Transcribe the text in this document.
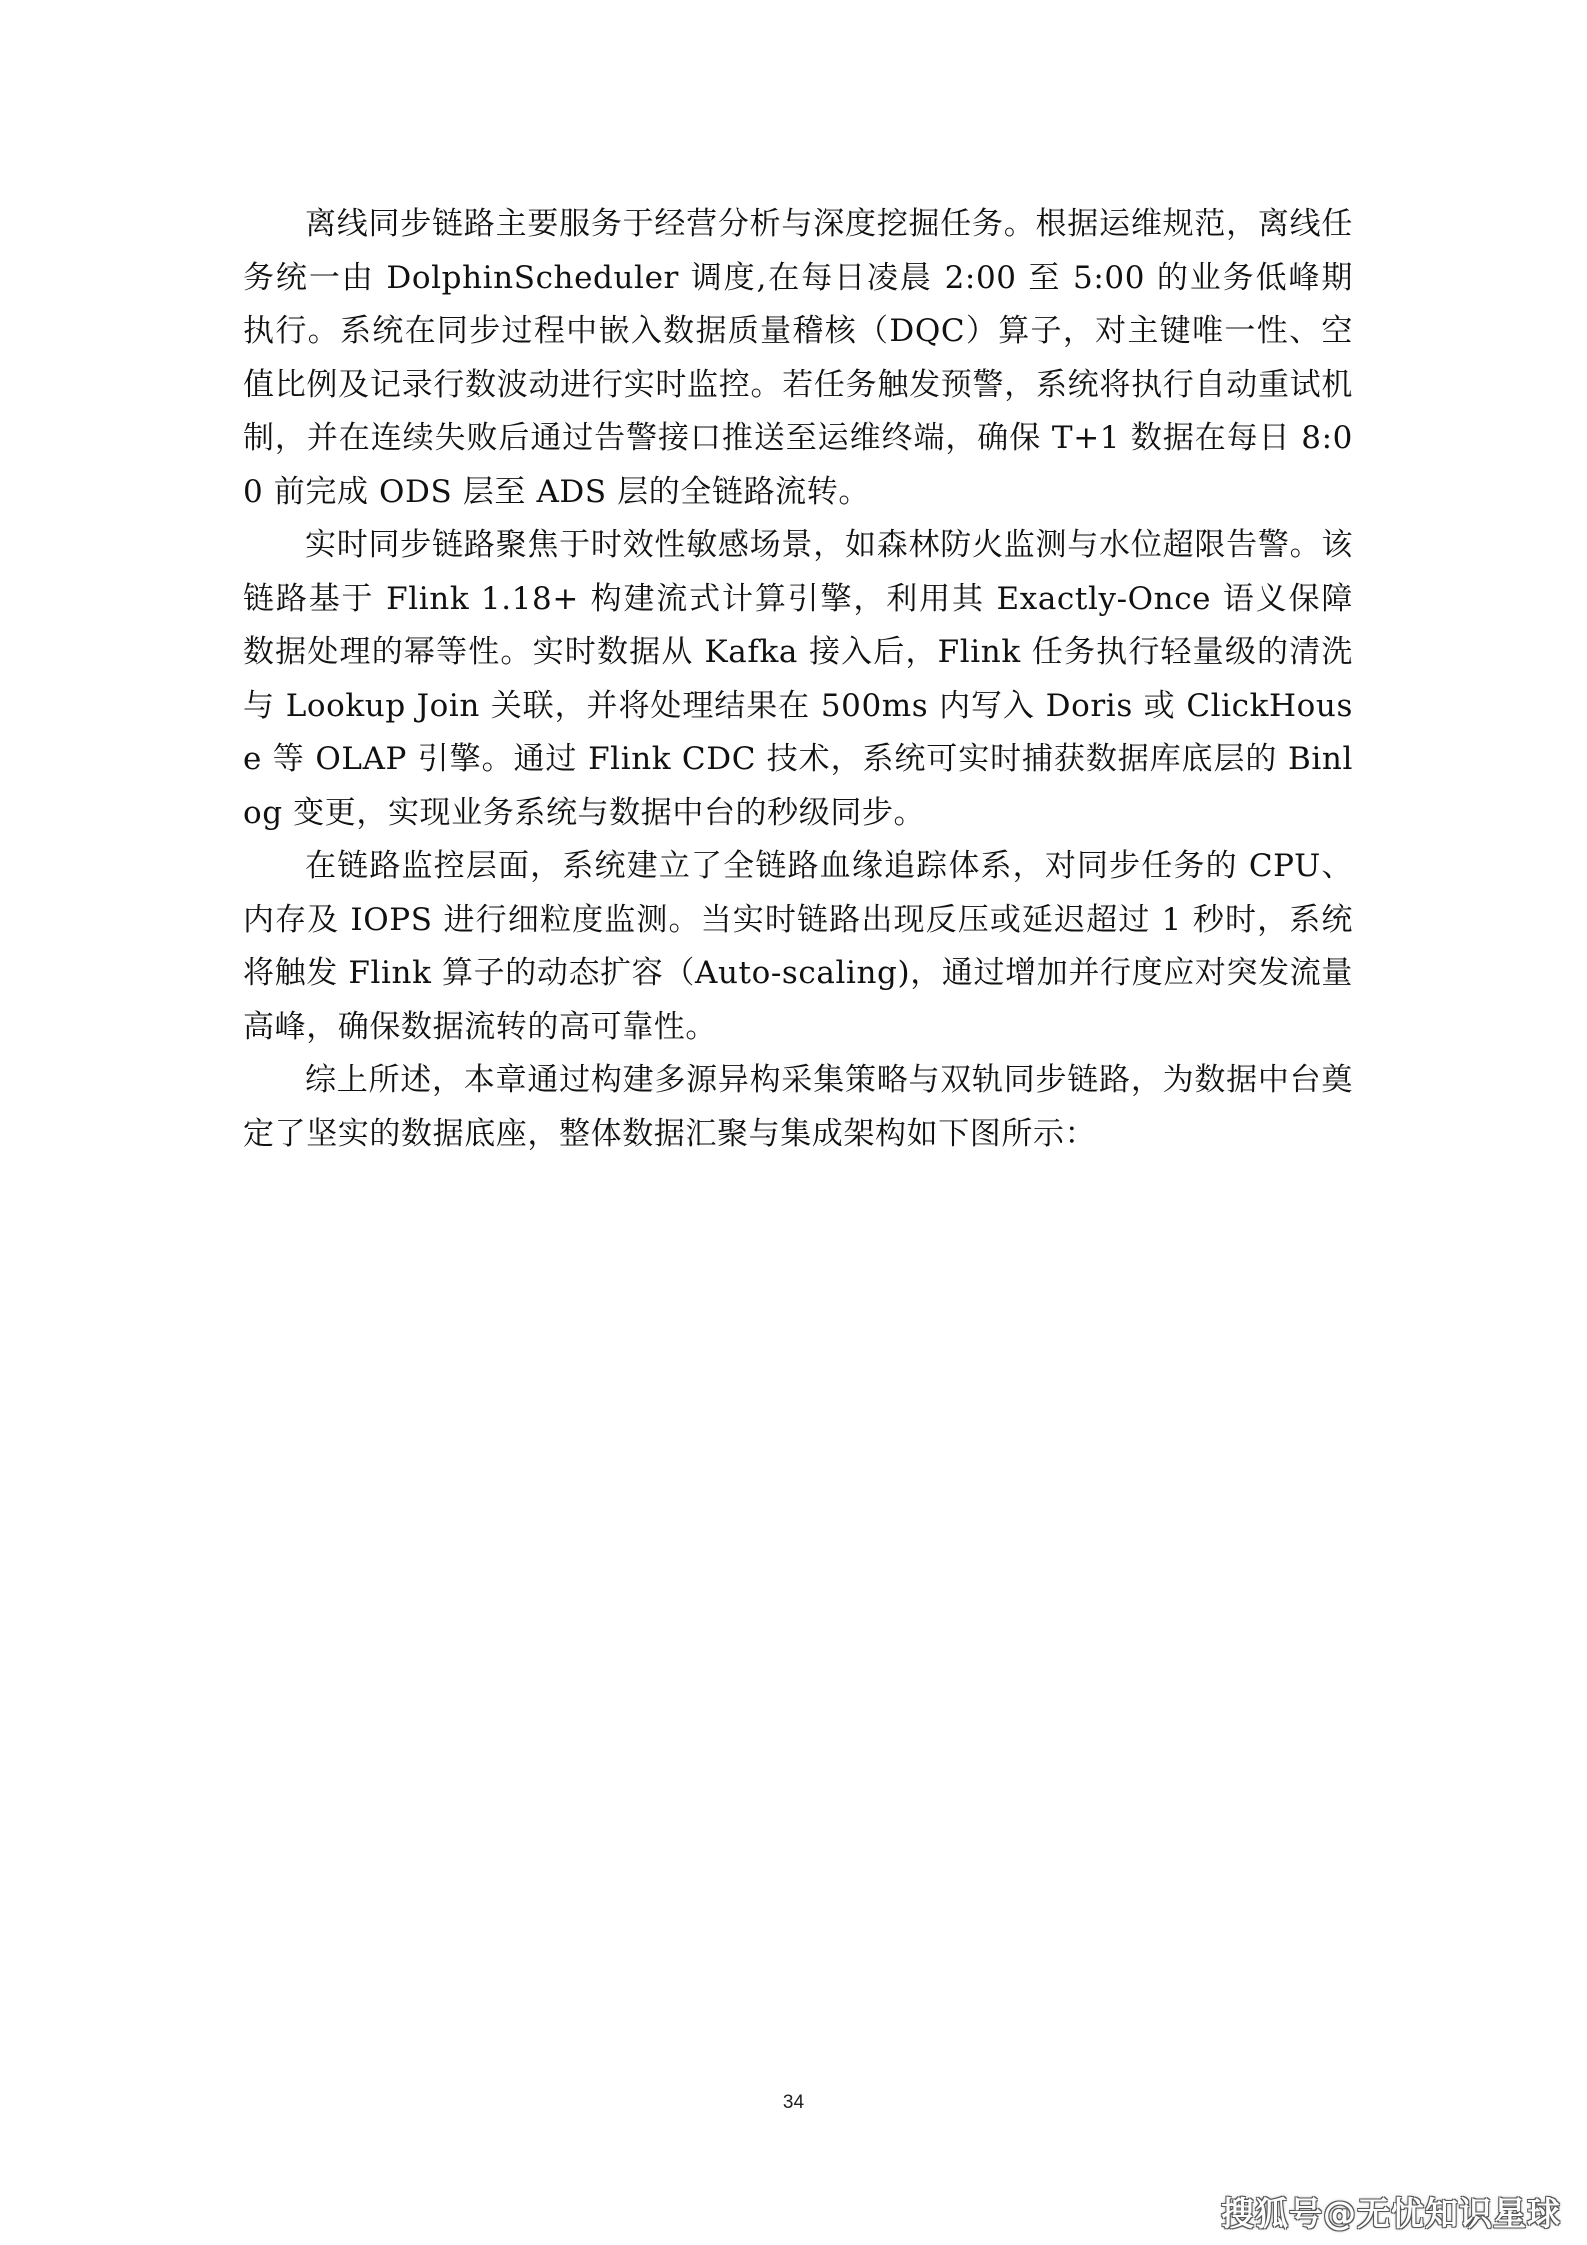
离线同步链路主要服务于经营分析与深度挖掘任务。根据运维规范，离线任务统一由 DolphinScheduler 调度,在每日凌晨 2:00 至 5:00 的业务低峰期执行。系统在同步过程中嵌入数据质量稽核（DQC）算子，对主键唯一性、空值比例及记录行数波动进行实时监控。若任务触发预警，系统将执行自动重试机制，并在连续失败后通过告警接口推送至运维终端，确保 T+1 数据在每日 8:00 前完成 ODS 层至 ADS 层的全链路流转。

实时同步链路聚焦于时效性敏感场景，如森林防火监测与水位超限告警。该链路基于 Flink 1.18+ 构建流式计算引擎，利用其 Exactly-Once 语义保障数据处理的幂等性。实时数据从 Kafka 接入后，Flink 任务执行轻量级的清洗与 Lookup Join 关联，并将处理结果在 500ms 内写入 Doris 或 ClickHouse 等 OLAP 引擎。通过 Flink CDC 技术，系统可实时捕获数据库底层的 Binlog 变更，实现业务系统与数据中台的秒级同步。

在链路监控层面，系统建立了全链路血缘追踪体系，对同步任务的 CPU、内存及 IOPS 进行细粒度监测。当实时链路出现反压或延迟超过 1 秒时，系统将触发 Flink 算子的动态扩容（Auto-scaling)，通过增加并行度应对突发流量高峰，确保数据流转的高可靠性。

综上所述，本章通过构建多源异构采集策略与双轨同步链路，为数据中台奠定了坚实的数据底座，整体数据汇聚与集成架构如下图所示：

34
搜狐号@无忧知识星球
